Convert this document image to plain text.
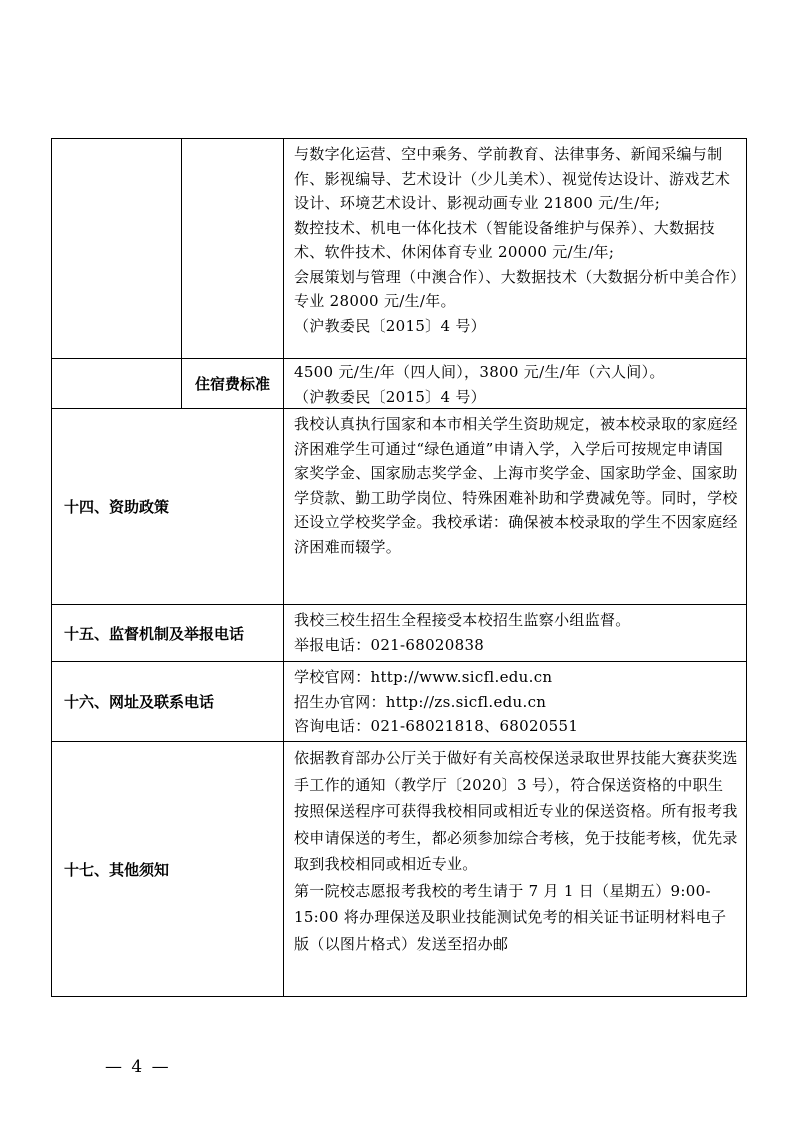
与数字化运营、空中乘务、学前教育、法律事务、新闻采编与制作、影视编导、艺术设计（少儿美术）、视觉传达设计、游戏艺术设计、环境艺术设计、影视动画专业 21800 元/生/年;

数控技术、机电一体化技术（智能设备维护与保养）、大数据技术、软件技术、休闲体育专业 20000 元/生/年;

会展策划与管理（中澳合作）、大数据技术（大数据分析中美合作）专业 28000 元/生/年。

（沪教委民〔2015〕4 号）

住宿费标准

4500 元/生/年（四人间），3800 元/生/年（六人间）。

（沪教委民〔2015〕4 号）

十四、资助政策

我校认真执行国家和本市相关学生资助规定，被本校录取的家庭经济困难学生可通过“绿色通道”申请入学，入学后可按规定申请国家奖学金、国家励志奖学金、上海市奖学金、国家助学金、国家助学贷款、勤工助学岗位、特殊困难补助和学费减免等。同时，学校还设立学校奖学金。我校承诺：确保被本校录取的学生不因家庭经济困难而辍学。

十五、监督机制及举报电话

我校三校生招生全程接受本校招生监察小组监督。

举报电话：021-68020838

十六、网址及联系电话

学校官网：http://www.sicfl.edu.cn

招生办官网：http://zs.sicfl.edu.cn

咨询电话：021-68021818、68020551

十七、其他须知

依据教育部办公厅关于做好有关高校保送录取世界技能大赛获奖选手工作的通知（教学厅〔2020〕3 号），符合保送资格的中职生按照保送程序可获得我校相同或相近专业的保送资格。所有报考我校申请保送的考生，都必须参加综合考核，免于技能考核，优先录取到我校相同或相近专业。

第一院校志愿报考我校的考生请于 7 月 1 日（星期五）9:00-15:00 将办理保送及职业技能测试免考的相关证书证明材料电子版（以图片格式）发送至招办邮

— 4 —
